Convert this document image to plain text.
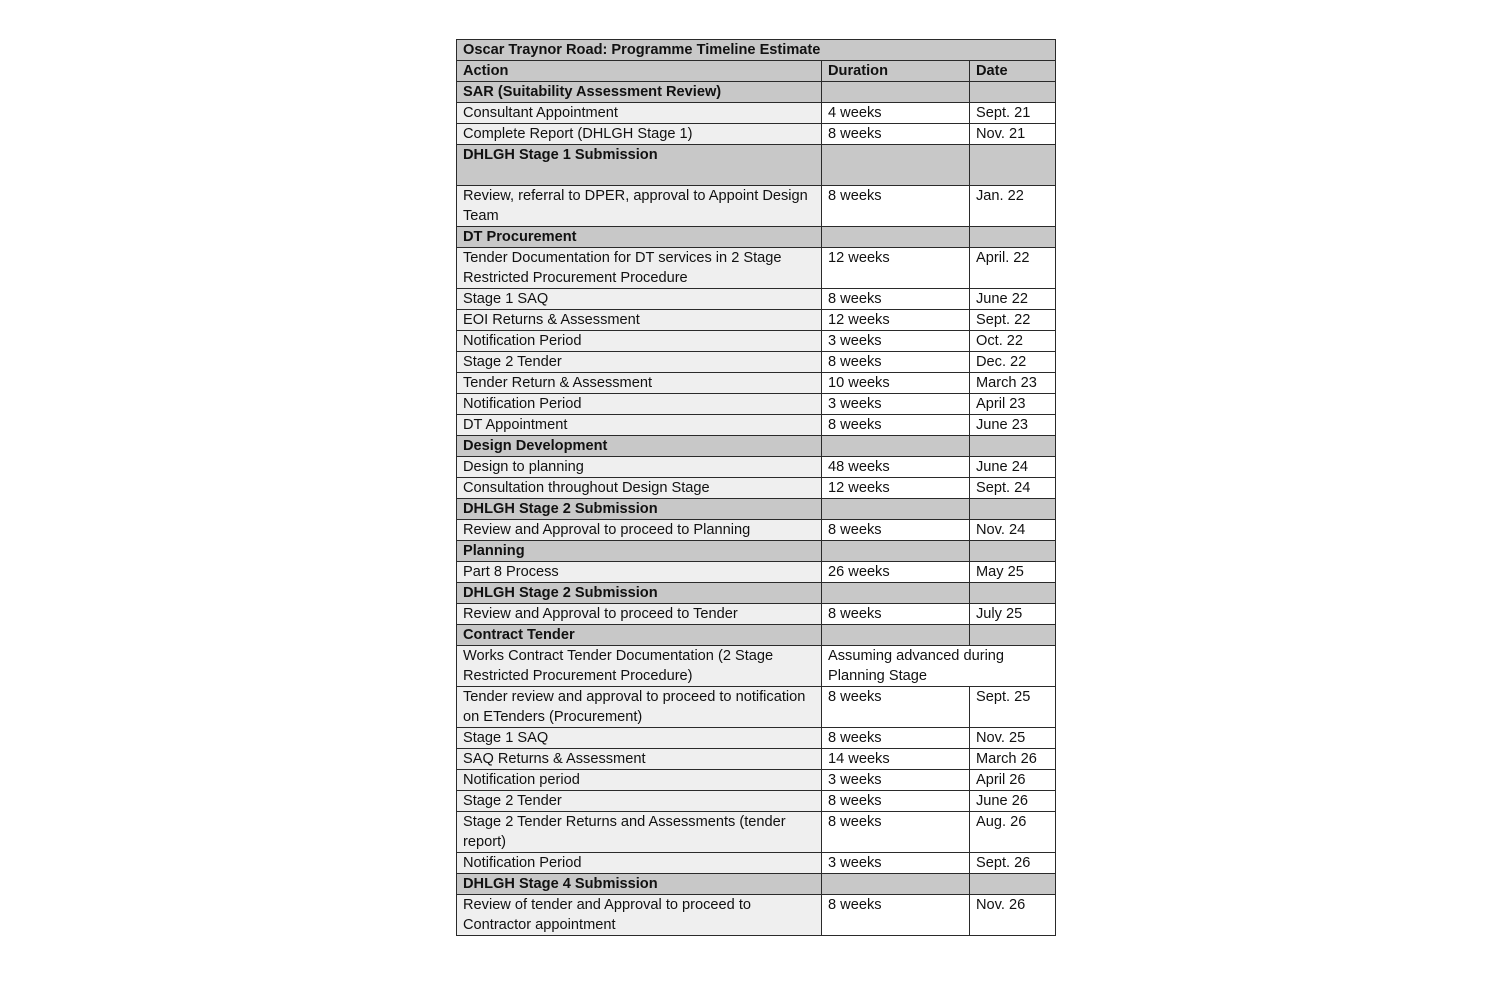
Oscar Traynor Road: Programme Timeline Estimate		
Action	Duration	Date
SAR (Suitability Assessment Review)		
Consultant Appointment	4 weeks	Sept. 21
Complete Report (DHLGH Stage 1)	8 weeks	Nov. 21
DHLGH Stage 1 Submission		
Review, referral to DPER, approval to Appoint Design Team	8 weeks	Jan. 22
DT Procurement		
Tender Documentation for DT services in 2 Stage Restricted Procurement Procedure	12 weeks	April. 22
Stage 1 SAQ	8 weeks	June 22
EOI Returns & Assessment	12 weeks	Sept. 22
Notification Period	3 weeks	Oct. 22
Stage 2 Tender	8 weeks	Dec. 22
Tender Return & Assessment	10 weeks	March 23
Notification Period	3 weeks	April 23
DT Appointment	8 weeks	June 23
Design Development		
Design to planning	48 weeks	June 24
Consultation throughout Design Stage	12 weeks	Sept. 24
DHLGH Stage 2 Submission		
Review and Approval to proceed to Planning	8 weeks	Nov. 24
Planning		
Part 8 Process	26 weeks	May 25
DHLGH Stage 2 Submission		
Review and Approval to proceed to Tender	8 weeks	July 25
Contract Tender		
Works Contract Tender Documentation (2 Stage Restricted Procurement Procedure)	Assuming advanced during Planning Stage	
Tender review and approval to proceed to notification on ETenders (Procurement)	8 weeks	Sept. 25
Stage 1 SAQ	8 weeks	Nov. 25
SAQ Returns & Assessment	14 weeks	March 26
Notification period	3 weeks	April 26
Stage 2 Tender	8 weeks	June 26
Stage 2 Tender Returns and Assessments (tender report)	8 weeks	Aug. 26
Notification Period	3 weeks	Sept. 26
DHLGH Stage 4 Submission		
Review of tender and Approval to proceed to Contractor appointment	8 weeks	Nov. 26
